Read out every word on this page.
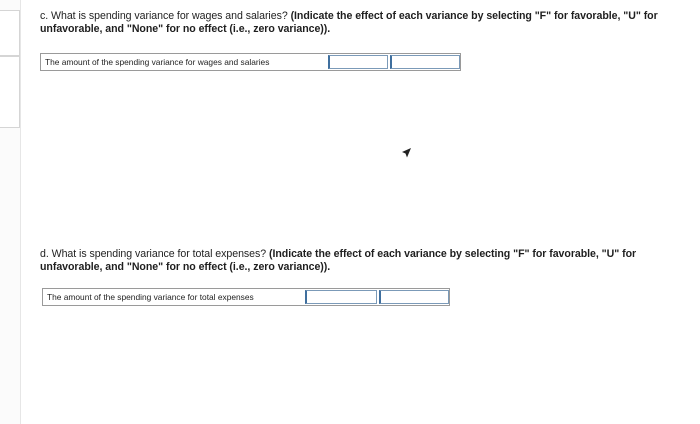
c. What is spending variance for wages and salaries? (Indicate the effect of each variance by selecting "F" for favorable, "U" for
unfavorable, and "None" for no effect (i.e., zero variance)).
The amount of the spending variance for wages and salaries
d. What is spending variance for total expenses? (Indicate the effect of each variance by selecting "F" for favorable, "U" for
unfavorable, and "None" for no effect (i.e., zero variance)).
The amount of the spending variance for total expenses
